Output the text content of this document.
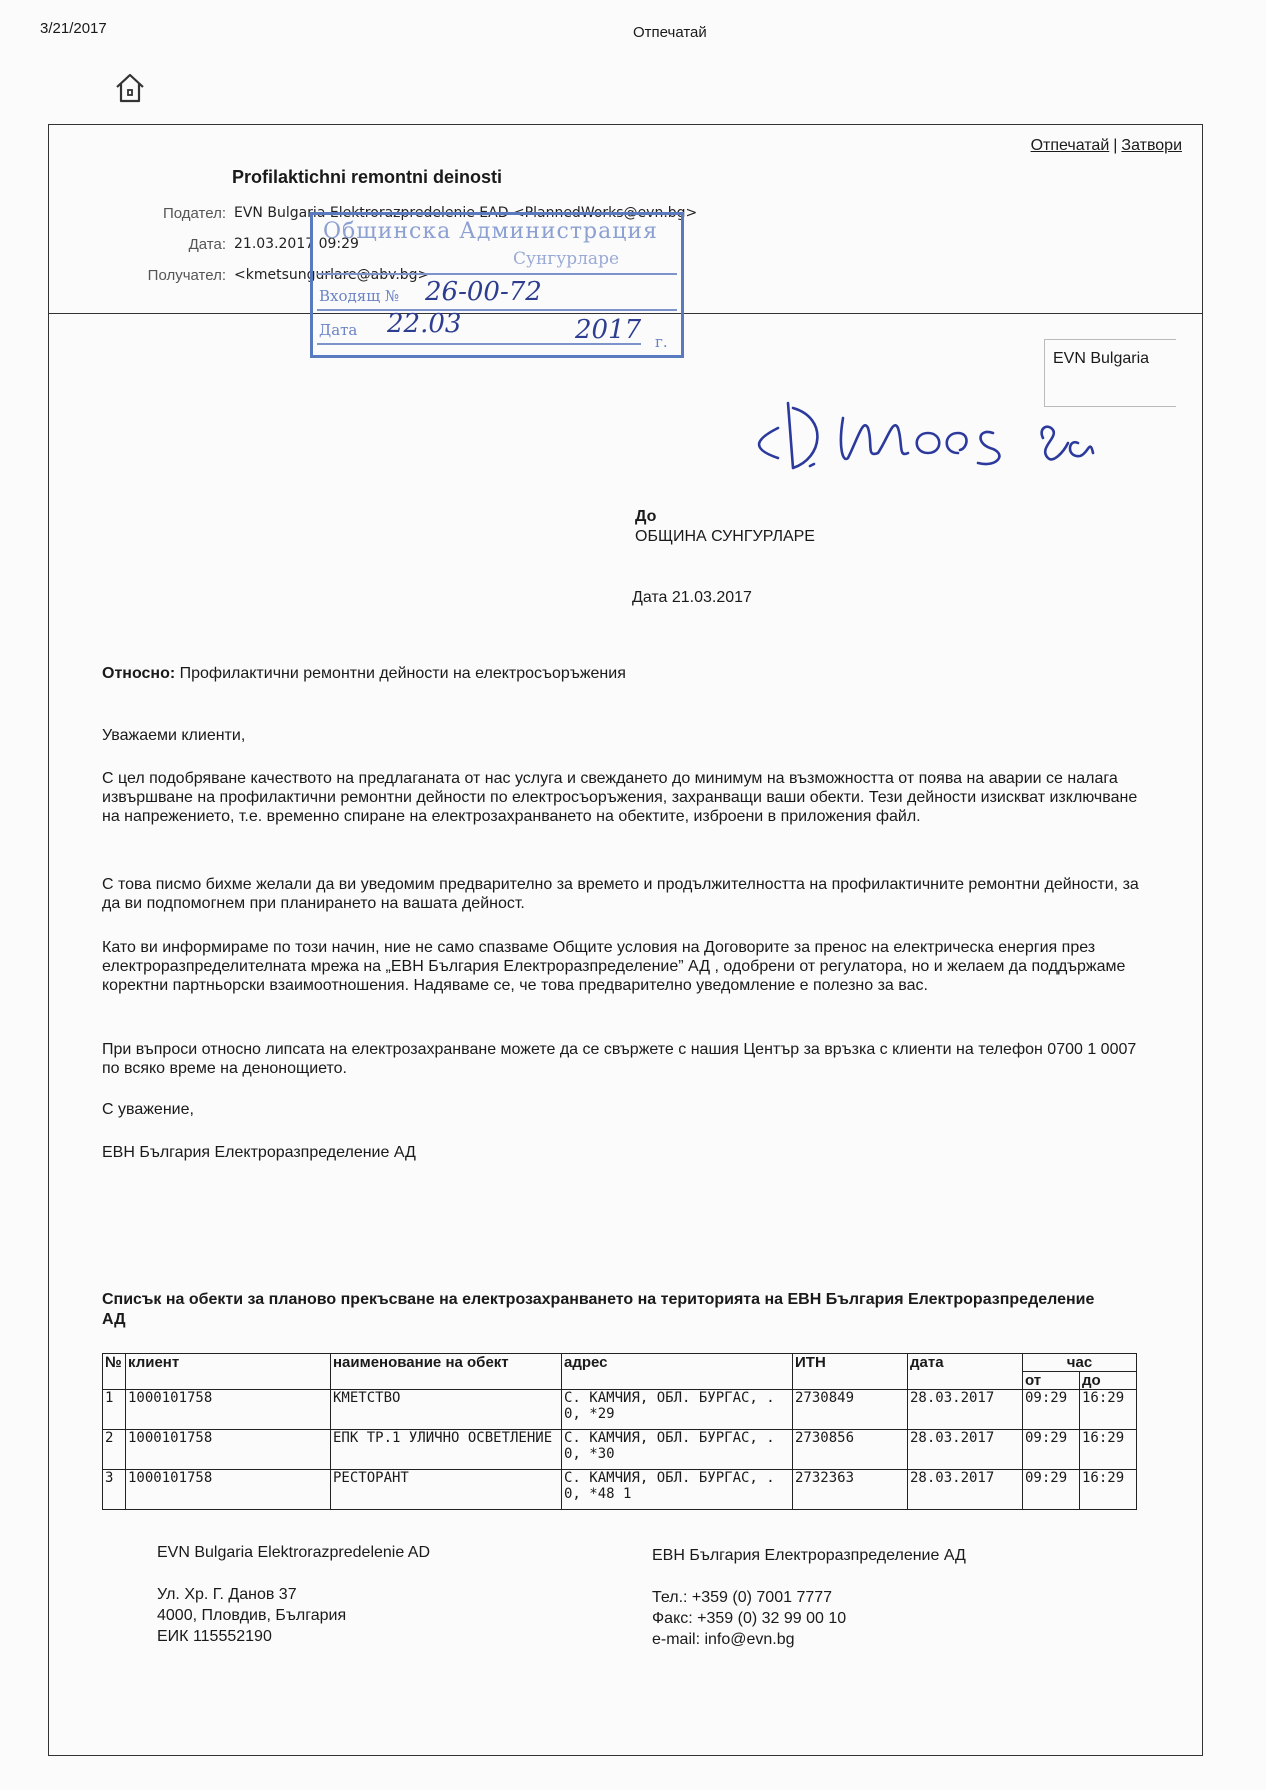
3/21/2017	Отпечатай
Отпечатай | Затвори
Profilaktichni remontni deinosti
Подател: EVN Bulgaria Elektrorazpredelenie EAD <PlannedWorks@evn.bg>
Дата: 21.03.2017 09:29
Получател: <kmetsungurlare@abv.bg>
EVN Bulgaria
Общинска Администрация
Сунгурларе
Входящ № 26-00-72
Дата 22.03	2017 г.
До
ОБЩИНА СУНГУРЛАРЕ
Дата 21.03.2017
Относно: Профилактични ремонтни дейности на електросъоръжения
Уважаеми клиенти,
С цел подобряване качеството на предлаганата от нас услуга и свеждането до минимум на възможността от поява на аварии се налага извършване на профилактични ремонтни дейности по електросъоръжения, захранващи ваши обекти. Тези дейности изискват изключване на напрежението, т.е. временно спиране на електрозахранването на обектите, изброени в приложения файл.
С това писмо бихме желали да ви уведомим предварително за времето и продължителността на профилактичните ремонтни дейности, за да ви подпомогнем при планирането на вашата дейност.
Като ви информираме по този начин, ние не само спазваме Общите условия на Договорите за пренос на електрическа енергия през електроразпределителната мрежа на „ЕВН България Електроразпределение” АД , одобрени от регулатора, но и желаем да поддържаме коректни партньорски взаимоотношения. Надяваме се, че това предварително уведомление е полезно за вас.
При въпроси относно липсата на електрозахранване можете да се свържете с нашия Център за връзка с клиенти на телефон 0700 1 0007 по всяко време на денонощието.
С уважение,
ЕВН България Електроразпределение АД
Списък на обекти за планово прекъсване на електрозахранването на територията на ЕВН България Електроразпределение АД
№	клиент	наименование на обект	адрес	ИТН	дата	час	
						от	до
1	1000101758	КМЕТСТВО	С. КАМЧИЯ, ОБЛ. БУРГАС, . 0, *29	2730849	28.03.2017	09:29	16:29
2	1000101758	ЕПК ТР.1 УЛИЧНО ОСВЕТЛЕНИЕ	С. КАМЧИЯ, ОБЛ. БУРГАС, . 0, *30	2730856	28.03.2017	09:29	16:29
3	1000101758	РЕСТОРАНТ	С. КАМЧИЯ, ОБЛ. БУРГАС, . 0, *48 1	2732363	28.03.2017	09:29	16:29
EVN Bulgaria Elektrorazpredelenie AD
Ул. Хр. Г. Данов 37
4000, Пловдив, България
ЕИК 115552190
ЕВН България Електроразпределение АД
Тел.: +359 (0) 7001 7777
Факс: +359 (0) 32 99 00 10
e-mail: info@evn.bg
